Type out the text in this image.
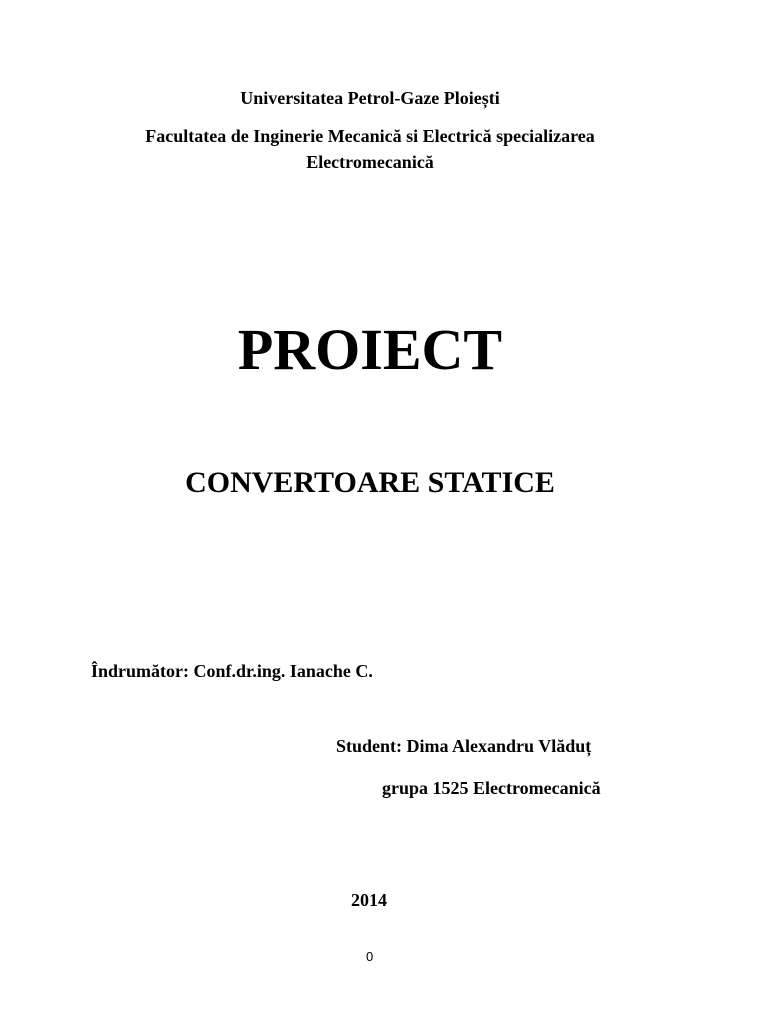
Universitatea Petrol-Gaze Ploiești
Facultatea de Inginerie Mecanică si Electrică specializarea
Electromecanică
PROIECT
CONVERTOARE STATICE
Îndrumător: Conf.dr.ing. Ianache C.
Student: Dima Alexandru Vlăduț
grupa 1525 Electromecanică
2014
0
